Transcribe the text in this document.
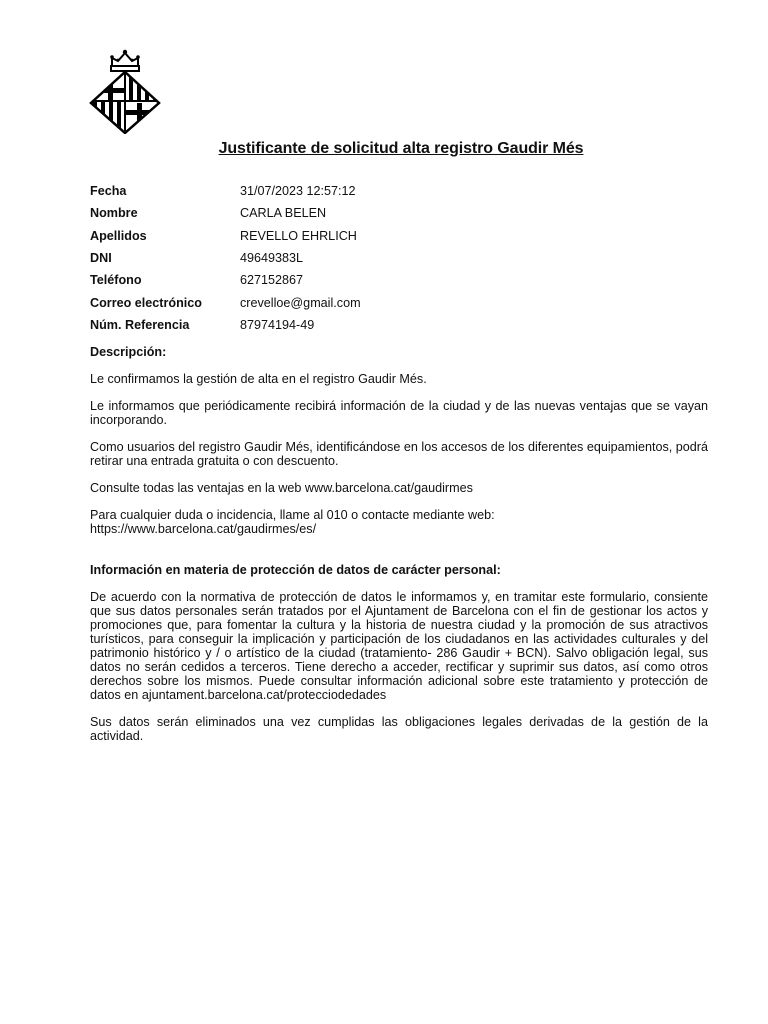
Justificante de solicitud alta registro Gaudir Més
Fecha	31/07/2023 12:57:12
Nombre	CARLA BELEN
Apellidos	REVELLO EHRLICH
DNI	49649383L
Teléfono	627152867
Correo electrónico	crevelloe@gmail.com
Núm. Referencia	87974194-49
Descripción:

Le confirmamos la gestión de alta en el registro Gaudir Més.

Le informamos que periódicamente recibirá información de la ciudad y de las nuevas ventajas que se vayan incorporando.

Como usuarios del registro Gaudir Més, identificándose en los accesos de los diferentes equipamientos, podrá retirar una entrada gratuita o con descuento.

Consulte todas las ventajas en la web www.barcelona.cat/gaudirmes

Para cualquier duda o incidencia, llame al 010 o contacte mediante web:
https://www.barcelona.cat/gaudirmes/es/

Información en materia de protección de datos de carácter personal:

De acuerdo con la normativa de protección de datos le informamos y, en tramitar este formulario, consiente que sus datos personales serán tratados por el Ajuntament de Barcelona con el fin de gestionar los actos y promociones que, para fomentar la cultura y la historia de nuestra ciudad y la promoción de sus atractivos turísticos, para conseguir la implicación y participación de los ciudadanos en las actividades culturales y del patrimonio histórico y / o artístico de la ciudad (tratamiento- 286 Gaudir + BCN). Salvo obligación legal, sus datos no serán cedidos a terceros. Tiene derecho a acceder, rectificar y suprimir sus datos, así como otros derechos sobre los mismos. Puede consultar información adicional sobre este tratamiento y protección de datos en ajuntament.barcelona.cat/protecciodedades

Sus datos serán eliminados una vez cumplidas las obligaciones legales derivadas de la gestión de la actividad.
